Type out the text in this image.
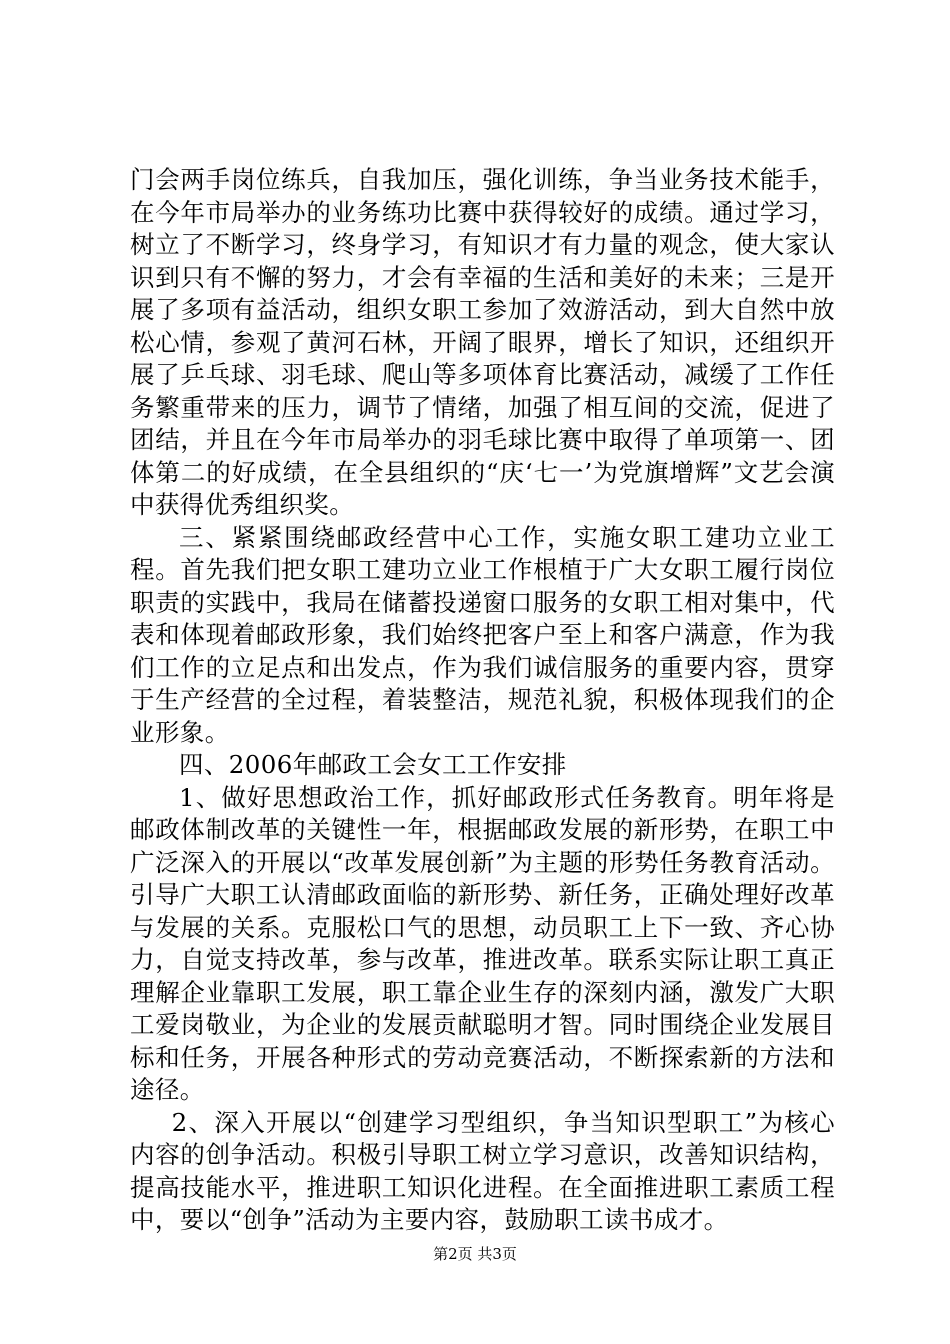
门会两手岗位练兵，自我加压，强化训练，争当业务技术能手，在今年市局举办的业务练功比赛中获得较好的成绩。通过学习，树立了不断学习，终身学习，有知识才有力量的观念，使大家认识到只有不懈的努力，才会有幸福的生活和美好的未来；三是开展了多项有益活动，组织女职工参加了效游活动，到大自然中放松心情，参观了黄河石林，开阔了眼界，增长了知识，还组织开展了乒乓球、羽毛球、爬山等多项体育比赛活动，减缓了工作任务繁重带来的压力，调节了情绪，加强了相互间的交流，促进了团结，并且在今年市局举办的羽毛球比赛中取得了单项第一、团体第二的好成绩，在全县组织的“庆‘七一’为党旗增辉”文艺会演中获得优秀组织奖。

三、紧紧围绕邮政经营中心工作，实施女职工建功立业工程。首先我们把女职工建功立业工作根植于广大女职工履行岗位职责的实践中，我局在储蓄投递窗口服务的女职工相对集中，代表和体现着邮政形象，我们始终把客户至上和客户满意，作为我们工作的立足点和出发点，作为我们诚信服务的重要内容，贯穿于生产经营的全过程，着装整洁，规范礼貌，积极体现我们的企业形象。

四、2006年邮政工会女工工作安排

1、做好思想政治工作，抓好邮政形式任务教育。明年将是邮政体制改革的关键性一年，根据邮政发展的新形势，在职工中广泛深入的开展以“改革发展创新”为主题的形势任务教育活动。引导广大职工认清邮政面临的新形势、新任务，正确处理好改革与发展的关系。克服松口气的思想，动员职工上下一致、齐心协力，自觉支持改革，参与改革，推进改革。联系实际让职工真正理解企业靠职工发展，职工靠企业生存的深刻内涵，激发广大职工爱岗敬业，为企业的发展贡献聪明才智。同时围绕企业发展目标和任务，开展各种形式的劳动竞赛活动，不断探索新的方法和途径。

2、深入开展以“创建学习型组织，争当知识型职工”为核心内容的创争活动。积极引导职工树立学习意识，改善知识结构，提高技能水平，推进职工知识化进程。在全面推进职工素质工程中，要以“创争”活动为主要内容，鼓励职工读书成才。

第2页 共3页
